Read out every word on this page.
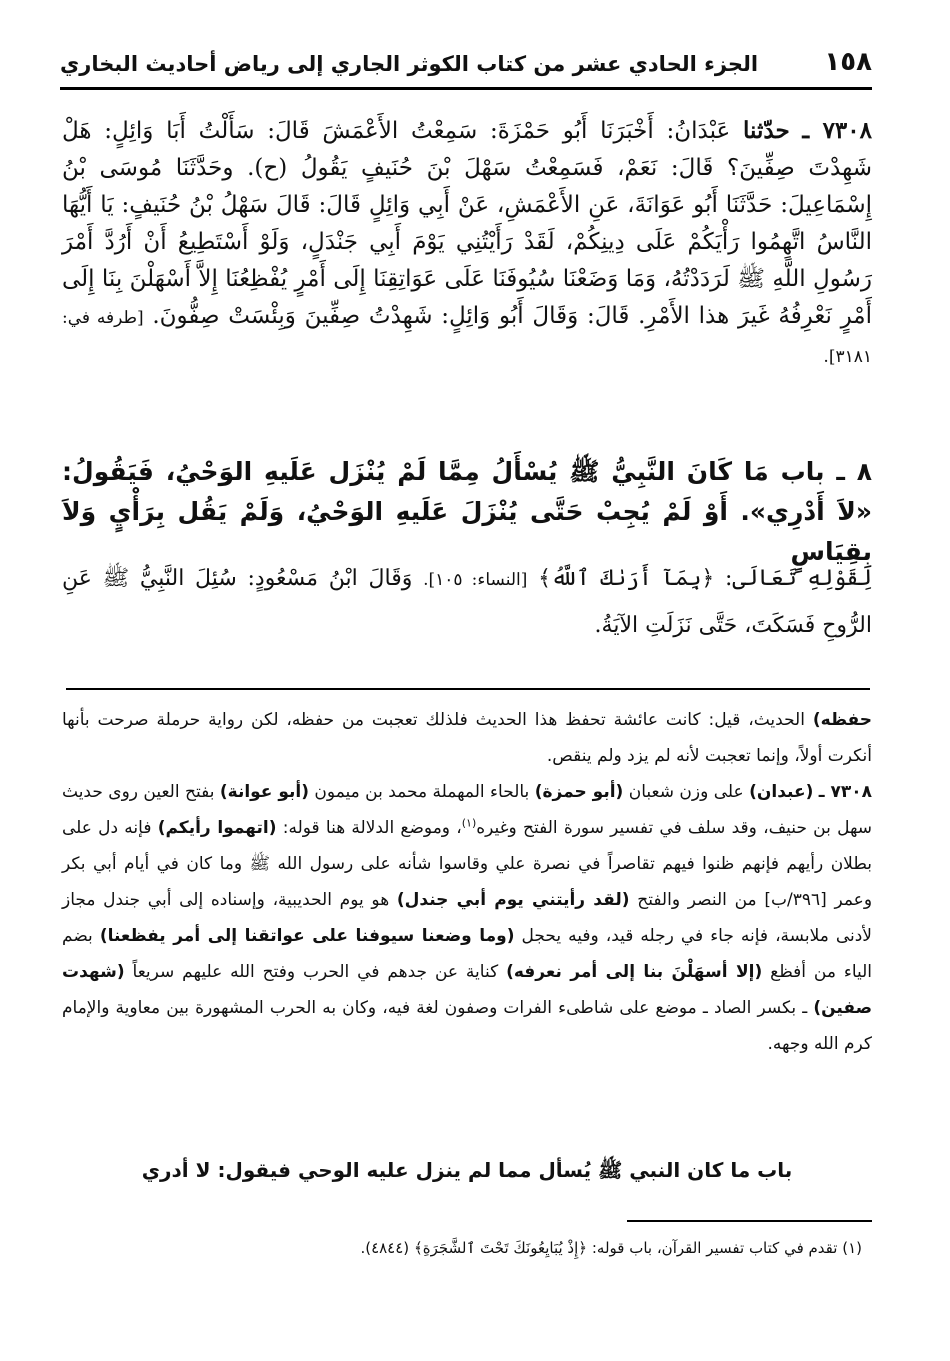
١٥٨
الجزء الحادي عشر من كتاب الكوثر الجاري إلى رياض أحاديث البخاري
٧٣٠٨ ـ حدّثنا عَبْدَانُ: أَخْبَرَنَا أَبُو حَمْزَةَ: سَمِعْتُ الأَعْمَشَ قَالَ: سَأَلْتُ أَبَا وَائِلٍ: هَلْ شَهِدْتَ صِفِّينَ؟ قَالَ: نَعَمْ، فَسَمِعْتُ سَهْلَ بْنَ حُنَيفٍ يَقُولُ (ح). وحَدَّثَنَا مُوسَى بْنُ إِسْمَاعِيلَ: حَدَّثَنَا أَبُو عَوَانَةَ، عَنِ الأَعْمَشِ، عَنْ أَبِي وَائِلٍ قَالَ: قَالَ سَهْلُ بْنُ حُنَيفٍ: يَا أَيُّهَا النَّاسُ اتَّهِمُوا رَأْيَكُمْ عَلَى دِينِكُمْ، لَقَدْ رَأَيْتُنِي يَوْمَ أَبِي جَنْدَلٍ، وَلَوْ أَسْتَطِيعُ أَنْ أَرُدَّ أَمْرَ رَسُولِ اللَّهِ ﷺ لَرَدَدْتُهُ، وَمَا وَضَعْنَا سُيُوفَنَا عَلَى عَوَاتِقِنَا إِلَى أَمْرٍ يُفْظِعُنَا إِلاَّ أَسْهَلْنَ بِنَا إِلَى أَمْرٍ نَعْرِفُهُ غَيرَ هذا الأَمْرِ. قَالَ: وَقَالَ أَبُو وَائِلٍ: شَهِدْتُ صِفِّينَ وَبِئْسَتْ صِفُّونَ. [طرفه في: ٣١٨١].
٨ ـ باب مَا كَانَ النَّبِيُّ ﷺ يُسْأَلُ مِمَّا لَمْ يُنْزَل عَلَيهِ الوَحْيُ، فَيَقُولُ: «لاَ أَدْرِي». أَوْ لَمْ يُجِبْ حَتَّى يُنْزَلَ عَلَيهِ الوَحْيُ، وَلَمْ يَقُل بِرَأْيٍ وَلاَ بِقِيَاسٍ
لِقَوْلِهِ تَعَالَى: ﴿بِمَآ أَرَىٰكَ ٱللَّهُ﴾ [النساء: ١٠٥]. وَقَالَ ابْنُ مَسْعُودٍ: سُئِلَ النَّبِيُّ ﷺ عَنِ الرُّوحِ فَسَكَتَ، حَتَّى نَزَلَتِ الآيَةُ.

حفظه) الحديث، قيل: كانت عائشة تحفظ هذا الحديث فلذلك تعجبت من حفظه، لكن رواية حرملة صرحت بأنها أنكرت أولاً، وإنما تعجبت لأنه لم يزد ولم ينقص.

٧٣٠٨ ـ (عبدان) على وزن شعبان (أبو حمزة) بالحاء المهملة محمد بن ميمون (أبو عوانة) بفتح العين روى حديث سهل بن حنيف، وقد سلف في تفسير سورة الفتح وغيره$^{(١)}$، وموضع الدلالة هنا قوله: (اتهموا رأيكم) فإنه دل على بطلان رأيهم فإنهم ظنوا فيهم تقاصراً في نصرة علي وقاسوا شأنه على رسول الله ﷺ وما كان في أيام أبي بكر وعمر [٣٩٦/ب] من النصر والفتح (لقد رأيتني يوم أبي جندل) هو يوم الحديبية، وإسناده إلى أبي جندل مجاز لأدنى ملابسة، فإنه جاء في رجله قيد، وفيه يحجل (وما وضعنا سيوفنا على عواتقنا إلى أمر يفظعنا) بضم الياء من أفظع (إلا أسهَلْنَ بنا إلى أمر نعرفه) كناية عن جدهم في الحرب وفتح الله عليهم سريعاً (شهدت صفين) ـ بكسر الصاد ـ موضع على شاطىء الفرات وصفون لغة فيه، وكان به الحرب المشهورة بين معاوية والإمام كرم الله وجهه.

باب ما كان النبي ﷺ يُسأل مما لم ينزل عليه الوحي فيقول: لا أدري
(١) تقدم في كتاب تفسير القرآن، باب قوله: ﴿إِذْ يُبَايِعُونَكَ تَحْتَ ٱلشَّجَرَةِ﴾ (٤٨٤٤).
